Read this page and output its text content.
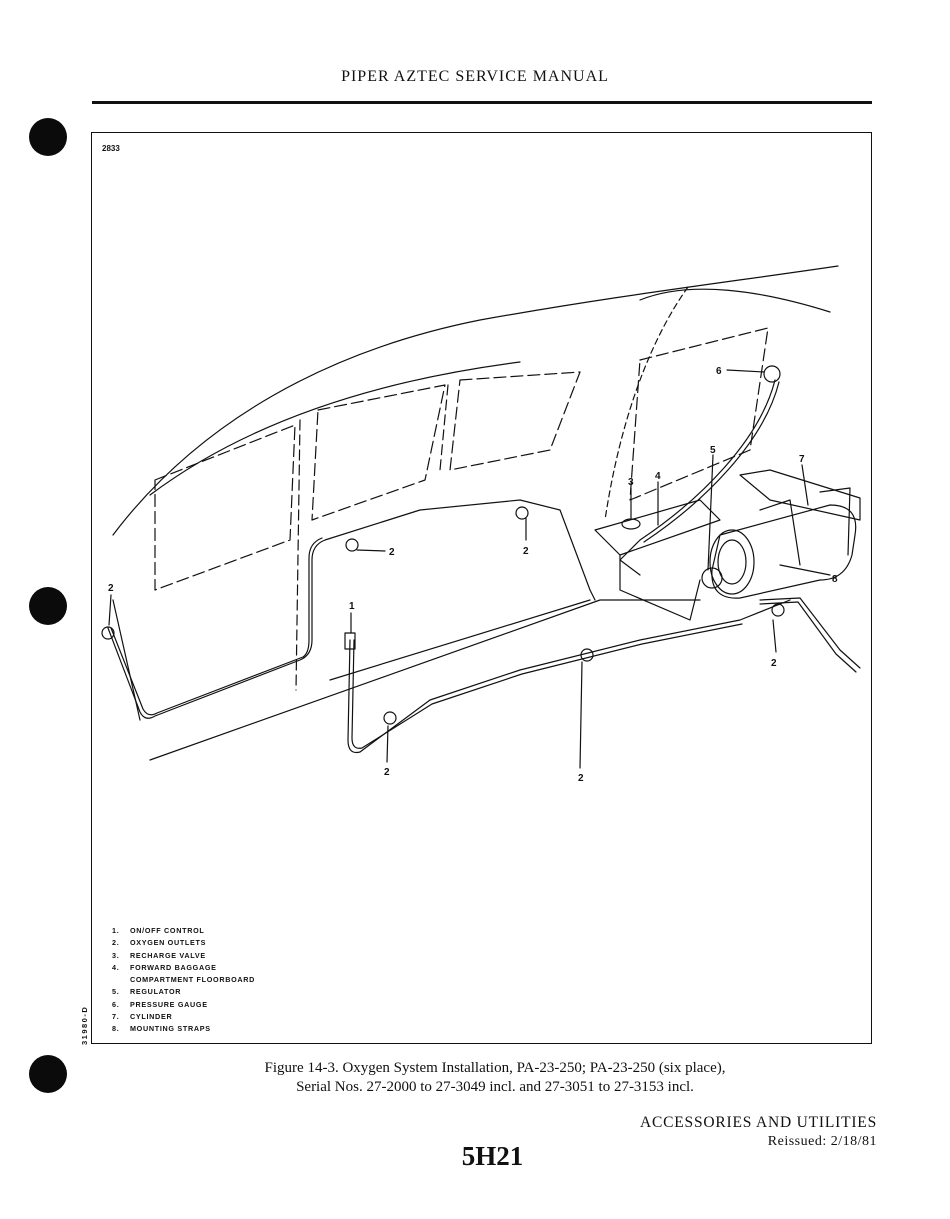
PIPER AZTEC SERVICE MANUAL
2833
6
2	2
2
1
3
4
5
7
8
2
2
2
1. ON/OFF CONTROL
2. OXYGEN OUTLETS
3. RECHARGE VALVE
4. FORWARD BAGGAGE
COMPARTMENT FLOORBOARD
5. REGULATOR
6. PRESSURE GAUGE
7. CYLINDER
8. MOUNTING STRAPS
31980-D
Figure 14-3. Oxygen System Installation, PA-23-250; PA-23-250 (six place),
Serial Nos. 27-2000 to 27-3049 incl. and 27-3051 to 27-3153 incl.
ACCESSORIES AND UTILITIES
Reissued: 2/18/81
5H21
